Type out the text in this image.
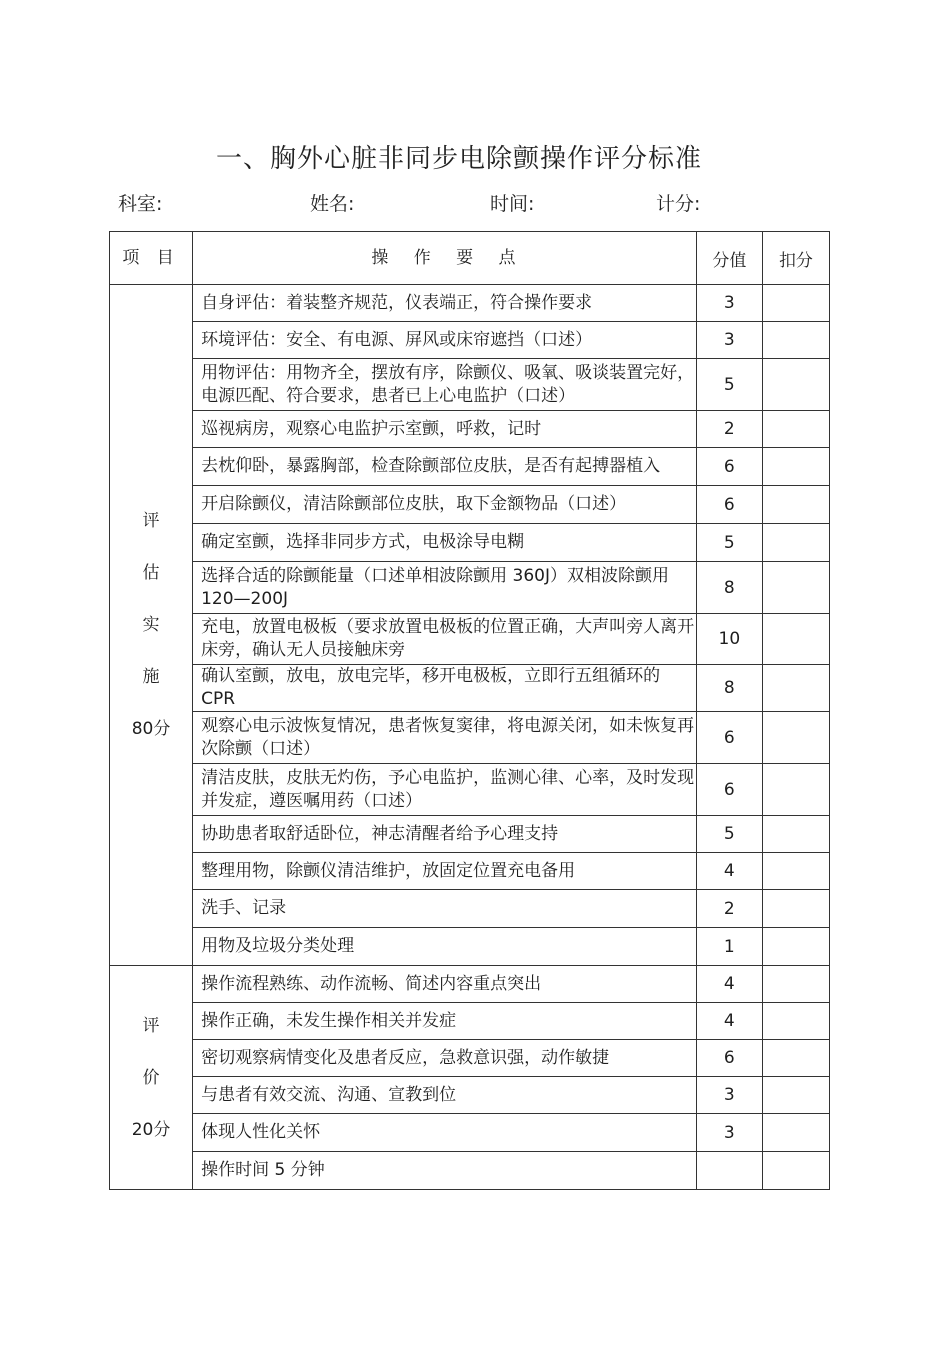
一、胸外心脏非同步电除颤操作评分标准
科室:	姓名:	时间:	计分:
项 目	操 作 要 点	分值	扣分

评
估
实
施
80分	自身评估：着装整齐规范，仪表端正，符合操作要求	3	
	环境评估：安全、有电源、屏风或床帘遮挡（口述）	3	
	用物评估：用物齐全，摆放有序，除颤仪、吸氧、吸谈装置完好，电源匹配、符合要求，患者已上心电监护（口述）	5	
	巡视病房，观察心电监护示室颤，呼救，记时	2	
	去枕仰卧，暴露胸部，检查除颤部位皮肤，是否有起搏器植入	6	
	开启除颤仪，清洁除颤部位皮肤，取下金额物品（口述）	6	
	确定室颤，选择非同步方式，电极涂导电糊	5	
	选择合适的除颤能量（口述单相波除颤用 360J）双相波除颤用 120—200J	8	
	充电，放置电极板（要求放置电极板的位置正确，大声叫旁人离开床旁，确认无人员接触床旁	10	
	确认室颤，放电，放电完毕，移开电极板，立即行五组循环的 CPR	8	
	观察心电示波恢复情况，患者恢复窦律，将电源关闭，如未恢复再次除颤（口述）	6	
	清洁皮肤，皮肤无灼伤，予心电监护，监测心律、心率，及时发现并发症，遵医嘱用药（口述）	6	
	协助患者取舒适卧位，神志清醒者给予心理支持	5	
	整理用物，除颤仪清洁维护，放固定位置充电备用	4	
	洗手、记录	2	
	用物及垃圾分类处理	1	

评
价
20分	操作流程熟练、动作流畅、简述内容重点突出	4	
	操作正确，未发生操作相关并发症	4	
	密切观察病情变化及患者反应，急救意识强，动作敏捷	6	
	与患者有效交流、沟通、宣教到位	3	
	体现人性化关怀	3	
	操作时间 5 分钟		
